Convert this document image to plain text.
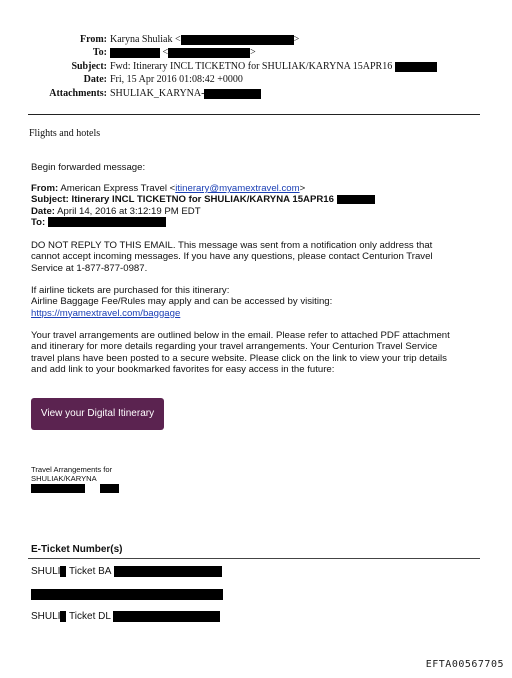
From: Karyna Shuliak <	>
To:	<	>
Subject: Fwd: Itinerary INCL TICKETNO for SHULIAK/KARYNA 15APR16
Date: Fri, 15 Apr 2016 01:08:42 +0000
Attachments: SHULIAK_KARYNA-
Flights and hotels
Begin forwarded message:
From: American Express Travel <itinerary@myamextravel.com>
Subject: Itinerary INCL TICKETNO for SHULIAK/KARYNA 15APR16
Date: April 14, 2016 at 3:12:19 PM EDT
To:
DO NOT REPLY TO THIS EMAIL. This message was sent from a notification only address that
cannot accept incoming messages. If you have any questions, please contact Centurion Travel
Service at 1-877-877-0987.
If airline tickets are purchased for this itinerary:
Airline Baggage Fee/Rules may apply and can be accessed by visiting:
https://myamextravel.com/baggage
Your travel arrangements are outlined below in the email. Please refer to attached PDF attachment
and itinerary for more details regarding your travel arrangements. Your Centurion Travel Service
travel plans have been posted to a secure website. Please click on the link to view your trip details
and add link to your bookmarked favorites for easy access in the future:
View your Digital Itinerary
Travel Arrangements for
SHULIAK/KARYNA
E-Ticket Number(s)
SHULI Ticket BA
SHULI Ticket DL
EFTA00567705
